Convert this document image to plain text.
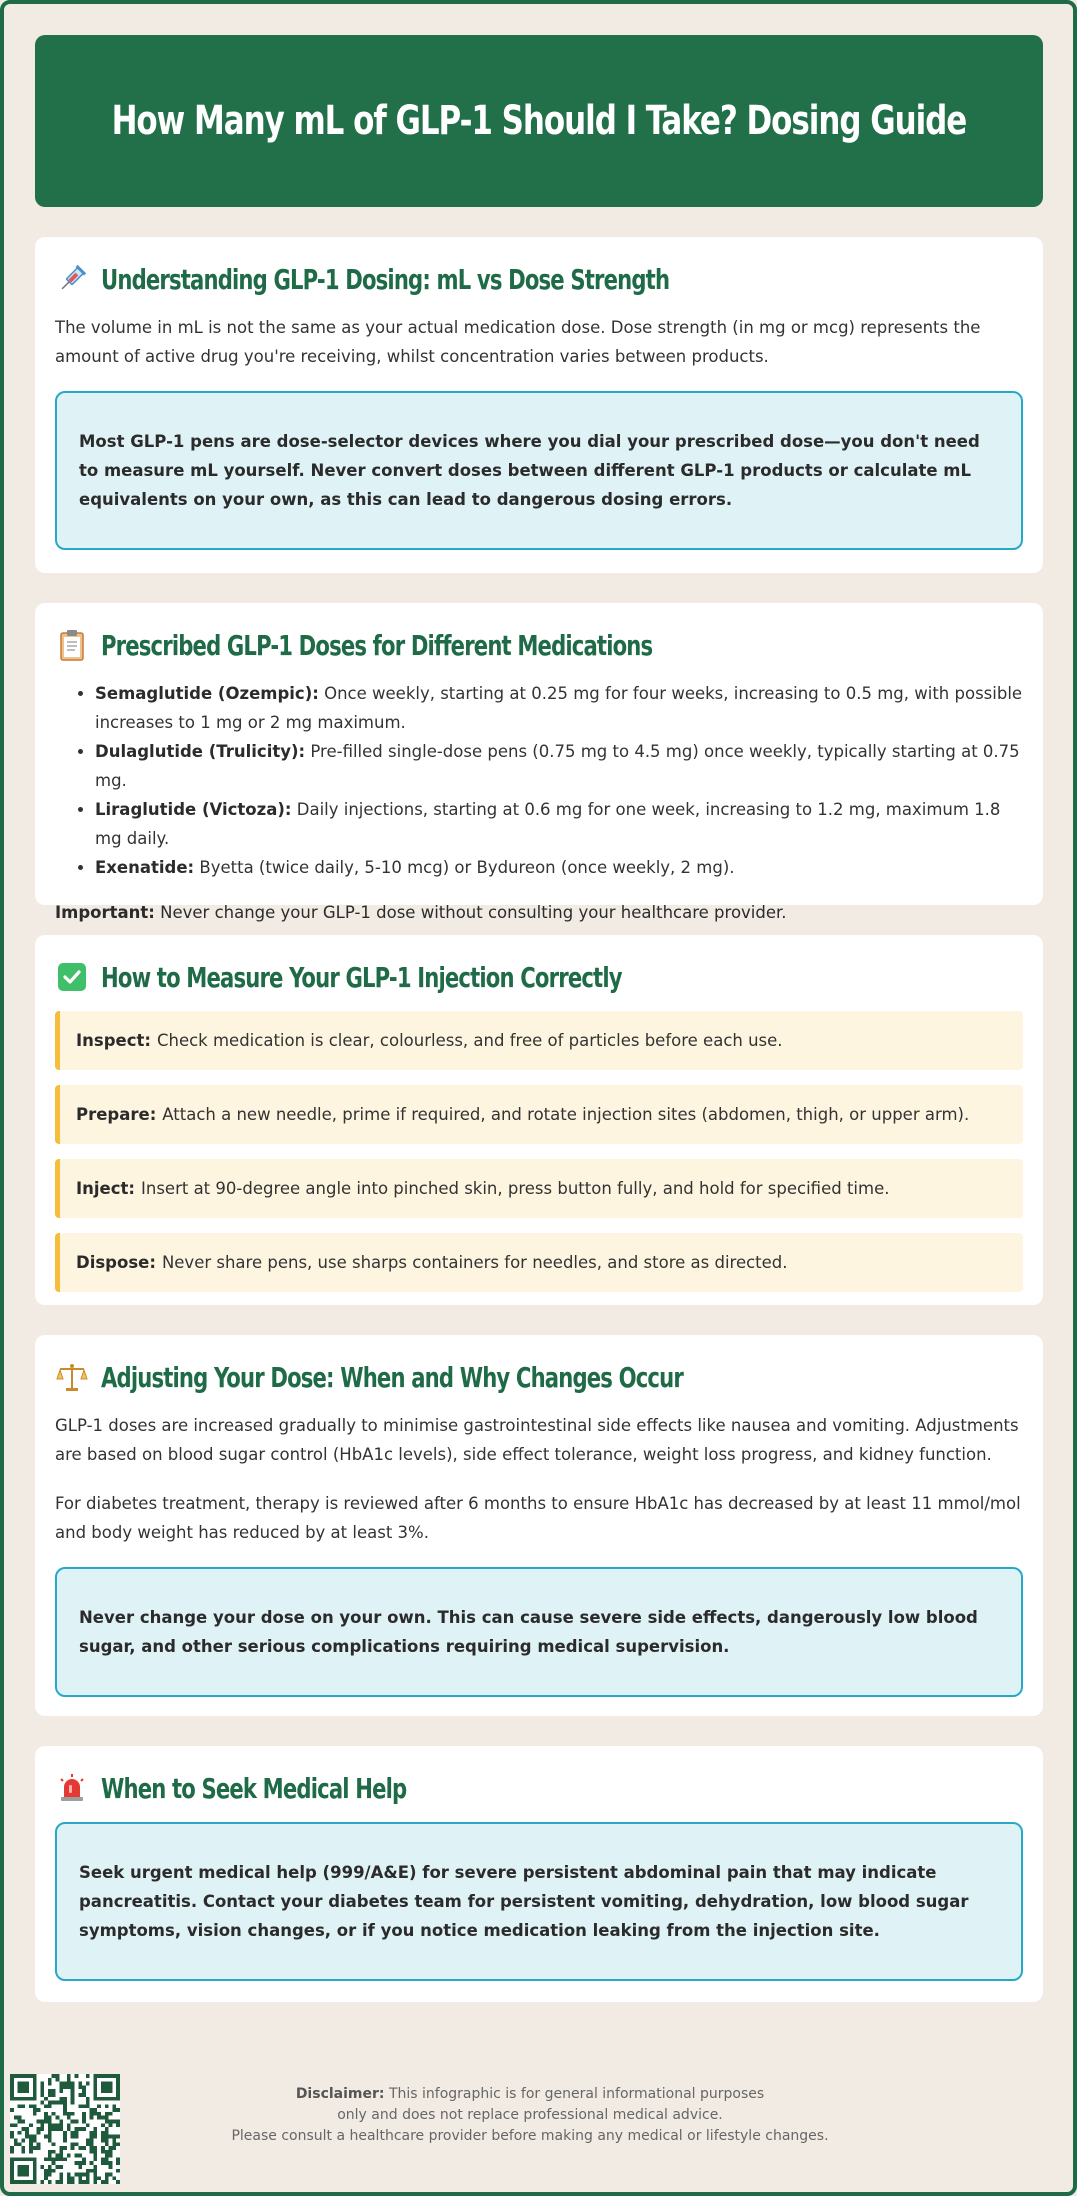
How Many mL of GLP-1 Should I Take? Dosing Guide
Understanding GLP-1 Dosing: mL vs Dose Strength

The volume in mL is not the same as your actual medication dose. Dose strength (in mg or mcg) represents the amount of active drug you're receiving, whilst concentration varies between products.

Most GLP-1 pens are dose-selector devices where you dial your prescribed dose—you don't need to measure mL yourself. Never convert doses between different GLP-1 products or calculate mL equivalents on your own, as this can lead to dangerous dosing errors.
Prescribed GLP-1 Doses for Different Medications
• Semaglutide (Ozempic): Once weekly, starting at 0.25 mg for four weeks, increasing to 0.5 mg, with possible increases to 1 mg or 2 mg maximum.
• Dulaglutide (Trulicity): Pre-filled single-dose pens (0.75 mg to 4.5 mg) once weekly, typically starting at 0.75 mg.
• Liraglutide (Victoza): Daily injections, starting at 0.6 mg for one week, increasing to 1.2 mg, maximum 1.8 mg daily.
• Exenatide: Byetta (twice daily, 5-10 mcg) or Bydureon (once weekly, 2 mg).

Important: Never change your GLP-1 dose without consulting your healthcare provider.

How to Measure Your GLP-1 Injection Correctly
Inspect: Check medication is clear, colourless, and free of particles before each use.
Prepare: Attach a new needle, prime if required, and rotate injection sites (abdomen, thigh, or upper arm).
Inject: Insert at 90-degree angle into pinched skin, press button fully, and hold for specified time.
Dispose: Never share pens, use sharps containers for needles, and store as directed.
Adjusting Your Dose: When and Why Changes Occur

GLP-1 doses are increased gradually to minimise gastrointestinal side effects like nausea and vomiting. Adjustments are based on blood sugar control (HbA1c levels), side effect tolerance, weight loss progress, and kidney function.

For diabetes treatment, therapy is reviewed after 6 months to ensure HbA1c has decreased by at least 11 mmol/mol and body weight has reduced by at least 3%.

Never change your dose on your own. This can cause severe side effects, dangerously low blood sugar, and other serious complications requiring medical supervision.
When to Seek Medical Help
Seek urgent medical help (999/A&E) for severe persistent abdominal pain that may indicate pancreatitis. Contact your diabetes team for persistent vomiting, dehydration, low blood sugar symptoms, vision changes, or if you notice medication leaking from the injection site.
Disclaimer: This infographic is for general informational purposes
only and does not replace professional medical advice.
Please consult a healthcare provider before making any medical or lifestyle changes.
